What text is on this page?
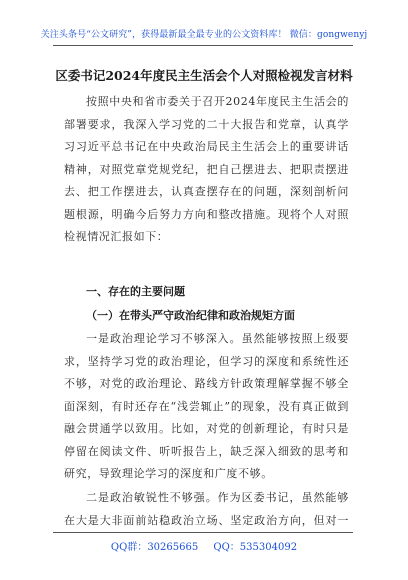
关注头条号“公文研究”，获得最新最全最专业的公文资料库！ 微信：gongwenyj
区委书记2024年度民主生活会个人对照检视发言材料
按照中央和省市委关于召开2024年度民主生活会的部署要求，我深入学习党的二十大报告和党章，认真学习习近平总书记在中央政治局民主生活会上的重要讲话精神，对照党章党规党纪，把自己摆进去、把职责摆进去、把工作摆进去，认真查摆存在的问题，深刻剖析问题根源，明确今后努力方向和整改措施。现将个人对照检视情况汇报如下：
一、存在的主要问题
（一）在带头严守政治纪律和政治规矩方面
一是政治理论学习不够深入。虽然能够按照上级要求，坚持学习党的政治理论，但学习的深度和系统性还不够，对党的政治理论、路线方针政策理解掌握不够全面深刻，有时还存在“浅尝辄止”的现象，没有真正做到融会贯通学以致用。比如，对党的创新理论，有时只是停留在阅读文件、听听报告上，缺乏深入细致的思考和研究，导致理论学习的深度和广度不够。
二是政治敏锐性不够强。作为区委书记，虽然能够在大是大非面前站稳政治立场、坚定政治方向，但对一
QQ群：30265665 QQ：535304092
